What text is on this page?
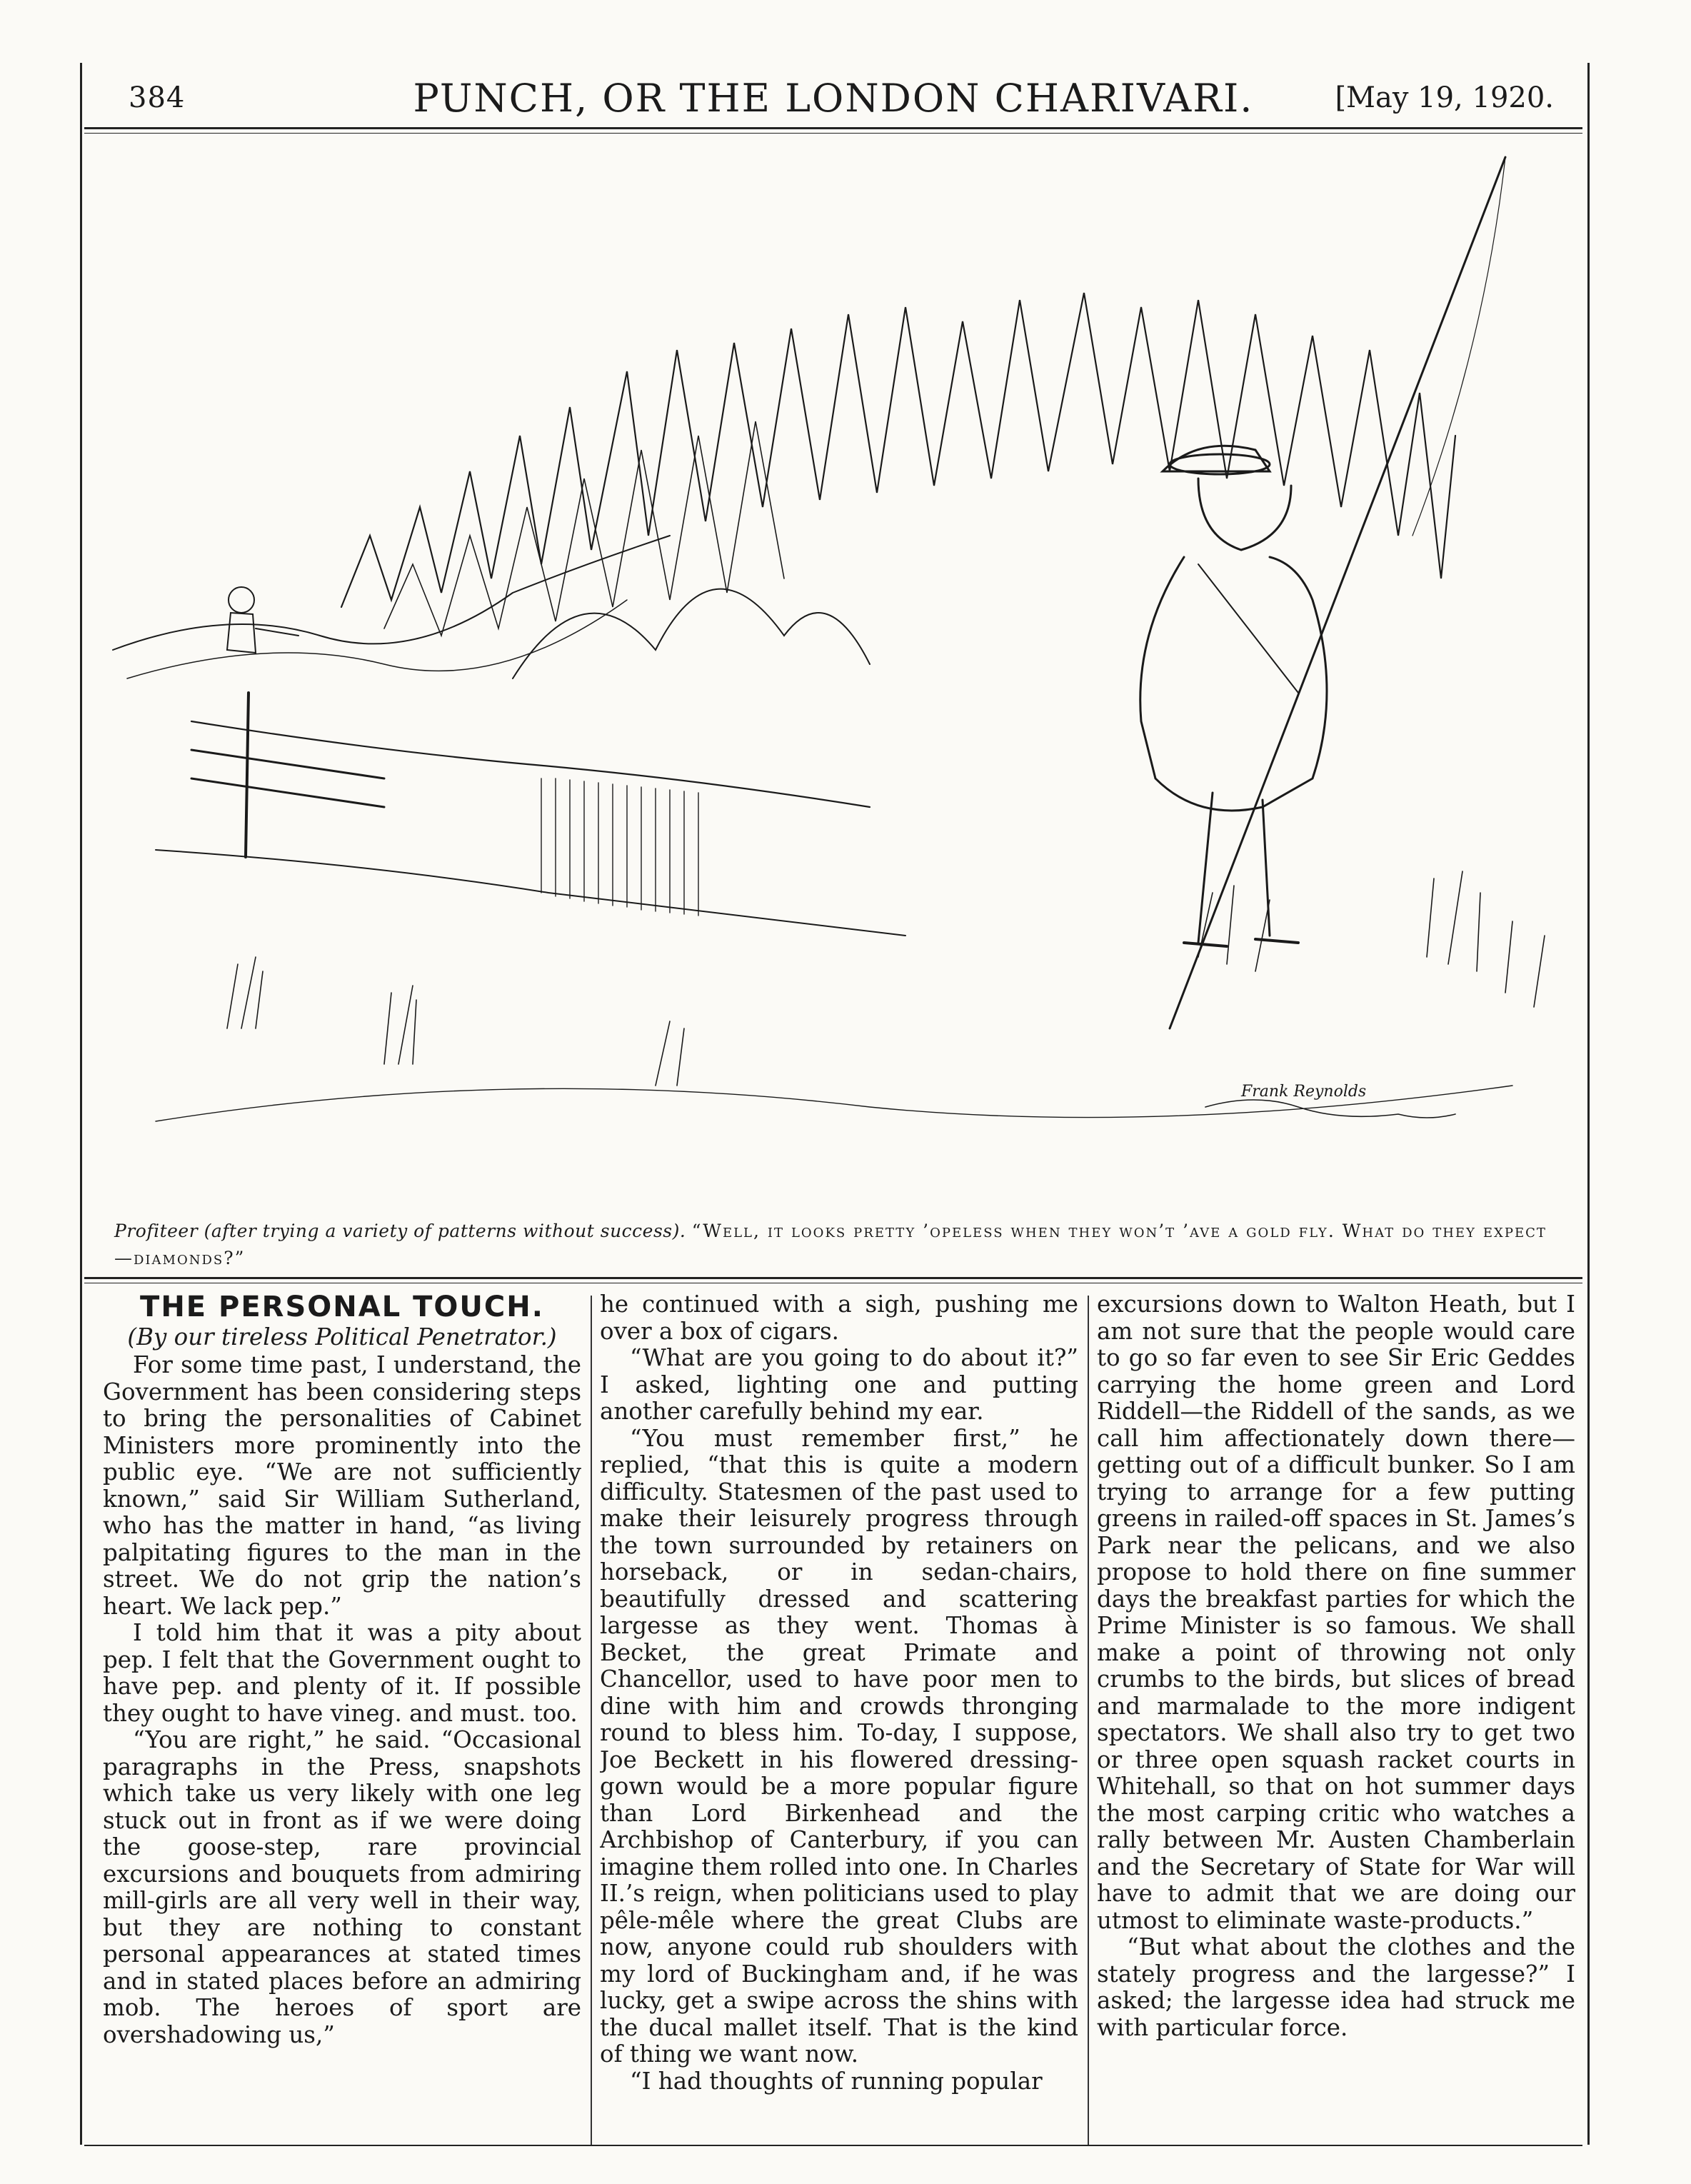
384	PUNCH, OR THE LONDON CHARIVARI.	[May 19, 1920.
Frank Reynolds
Profiteer (after trying a variety of patterns without success). “Well, it looks pretty ’opeless when they won’t ’ave a gold fly. What do they expect—diamonds?”
THE PERSONAL TOUCH.
(By our tireless Political Penetrator.)

For some time past, I understand, the Government has been considering steps to bring the personalities of Cabinet Ministers more prominently into the public eye. “We are not sufficiently known,” said Sir William Sutherland, who has the matter in hand, “as living palpitating figures to the man in the street. We do not grip the nation’s heart. We lack pep.”

I told him that it was a pity about pep. I felt that the Government ought to have pep. and plenty of it. If possible they ought to have vineg. and must. too.

“You are right,” he said. “Occasional paragraphs in the Press, snapshots which take us very likely with one leg stuck out in front as if we were doing the goose-step, rare provincial excursions and bouquets from admiring mill-girls are all very well in their way, but they are nothing to constant personal appearances at stated times and in stated places before an admiring mob. The heroes of sport are overshadowing us,”

he continued with a sigh, pushing me over a box of cigars.

“What are you going to do about it?” I asked, lighting one and putting another carefully behind my ear.

“You must remember first,” he replied, “that this is quite a modern difficulty. Statesmen of the past used to make their leisurely progress through the town surrounded by retainers on horseback, or in sedan-chairs, beautifully dressed and scattering largesse as they went. Thomas à Becket, the great Primate and Chancellor, used to have poor men to dine with him and crowds thronging round to bless him. To-day, I suppose, Joe Beckett in his flowered dressing-gown would be a more popular figure than Lord Birkenhead and the Archbishop of Canterbury, if you can imagine them rolled into one. In Charles II.’s reign, when politicians used to play pêle-mêle where the great Clubs are now, anyone could rub shoulders with my lord of Buckingham and, if he was lucky, get a swipe across the shins with the ducal mallet itself. That is the kind of thing we want now.

“I had thoughts of running popular

excursions down to Walton Heath, but I am not sure that the people would care to go so far even to see Sir Eric Geddes carrying the home green and Lord Riddell—the Riddell of the sands, as we call him affectionately down there—getting out of a difficult bunker. So I am trying to arrange for a few putting greens in railed-off spaces in St. James’s Park near the pelicans, and we also propose to hold there on fine summer days the breakfast parties for which the Prime Minister is so famous. We shall make a point of throwing not only crumbs to the birds, but slices of bread and marmalade to the more indigent spectators. We shall also try to get two or three open squash racket courts in Whitehall, so that on hot summer days the most carping critic who watches a rally between Mr. Austen Chamberlain and the Secretary of State for War will have to admit that we are doing our utmost to eliminate waste-products.”

“But what about the clothes and the stately progress and the largesse?” I asked; the largesse idea had struck me with particular force.
